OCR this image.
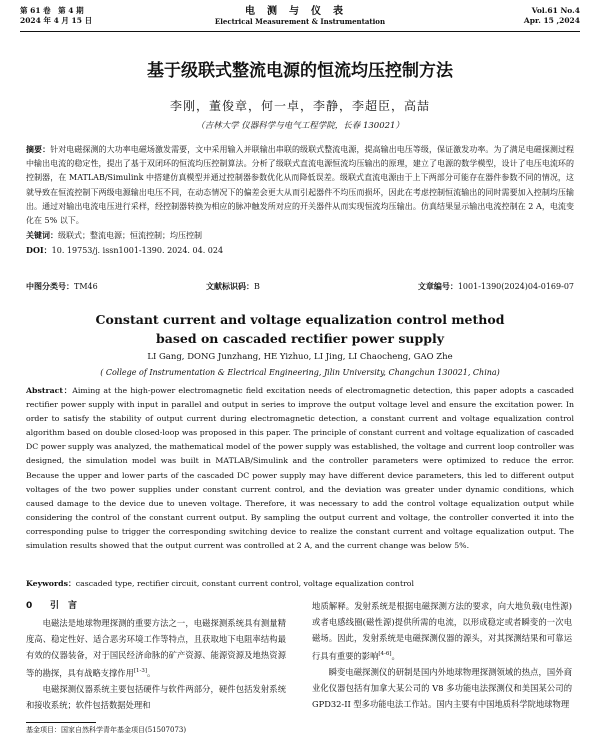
第 61 卷　第 4 期
2024 年 4 月 15 日
电测与仪表
Electrical Measurement & Instrumentation
Vol.61 No.4
Apr. 15 ,2024
基于级联式整流电源的恒流均压控制方法
李刚，董俊章，何一卓，李静，李超臣，高喆
（吉林大学 仪器科学与电气工程学院，长春 130021）
摘要：针对电磁探测的大功率电磁场激发需要，文中采用输入并联输出串联的级联式整流电源，提高输出电压等级，保证激发功率。为了满足电磁探测过程中输出电流的稳定性，提出了基于双闭环的恒流均压控制算法。分析了级联式直流电源恒流均压输出的原理，建立了电源的数学模型，设计了电压电流环的控制器，在 MATLAB/Simulink 中搭建仿真模型并通过控制器参数优化从而降低误差。级联式直流电源由于上下两部分可能存在器件参数不同的情况，这就导致在恒流控制下两级电源输出电压不同，在动态情况下的偏差会更大从而引起器件不均压而损坏，因此在考虑控制恒流输出的同时需要加入控制均压输出。通过对输出电流电压进行采样，经控制器转换为相应的脉冲触发所对应的开关器件从而实现恒流均压输出。仿真结果显示输出电流控制在 2 A，电流变化在 5% 以下。
关键词：级联式；整流电源；恒流控制；均压控制
DOI：10. 19753/j. issn1001-1390. 2024. 04. 024
中图分类号：TM46	文献标识码：B	文章编号：1001-1390(2024)04-0169-07
Constant current and voltage equalization control method
based on cascaded rectifier power supply
LI Gang, DONG Junzhang, HE Yizhuo, LI Jing, LI Chaocheng, GAO Zhe
( College of Instrumentation & Electrical Engineering, Jilin University, Changchun 130021, China)
Abstract：Aiming at the high-power electromagnetic field excitation needs of electromagnetic detection, this paper adopts a cascaded rectifier power supply with input in parallel and output in series to improve the output voltage level and ensure the excitation power. In order to satisfy the stability of output current during electromagnetic detection, a constant current and voltage equalization control algorithm based on double closed-loop was proposed in this paper. The principle of constant current and voltage equalization of cascaded DC power supply was analyzed, the mathematical model of the power supply was established, the voltage and current loop controller was designed, the simulation model was built in MATLAB/Simulink and the controller parameters were optimized to reduce the error. Because the upper and lower parts of the cascaded DC power supply may have different device parameters, this led to different output voltages of the two power supplies under constant current control, and the deviation was greater under dynamic conditions, which caused damage to the device due to uneven voltage. Therefore, it was necessary to add the control voltage equalization output while considering the control of the constant current output. By sampling the output current and voltage, the controller converted it into the corresponding pulse to trigger the corresponding switching device to realize the constant current and voltage equalization output. The simulation results showed that the output current was controlled at 2 A, and the current change was below 5%.
Keywords：cascaded type, rectifier circuit, constant current control, voltage equalization control
0 引　言

电磁法是地球物理探测的重要方法之一，电磁探测系统具有测量精度高、稳定性好、适合恶劣环境工作等特点，且获取地下电阻率结构最有效的仪器装备，对于国民经济命脉的矿产资源、能源资源及地热资源等的勘探，具有战略支撑作用[1-3]。

电磁探测仪器系统主要包括硬件与软件两部分，硬件包括发射系统和接收系统；软件包括数据处理和

地质解释。发射系统是根据电磁探测方法的要求，向大地负载(电性源)或者电感线圈(磁性源)提供所需的电流，以形成稳定或者瞬变的一次电磁场。因此，发射系统是电磁探测仪器的源头，对其探测结果和可靠运行具有重要的影响[4-6]。

瞬变电磁探测仪的研制是国内外地球物理探测领域的热点，国外商业化仪器包括有加拿大某公司的 V8 多功能电法探测仪和美国某公司的 GPD32-II 型多功能电法工作站。国内主要有中国地质科学院地球物理

基金项目：国家自然科学青年基金项目(51507073)
